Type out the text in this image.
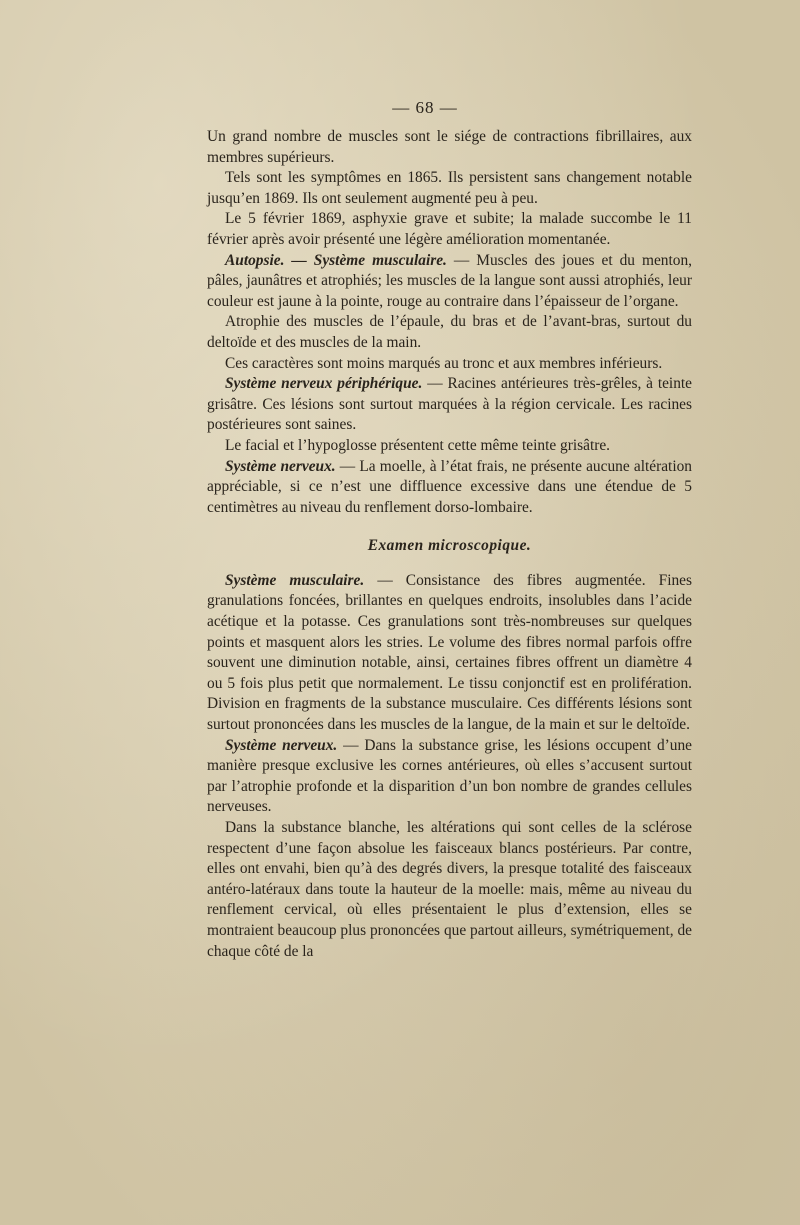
— 68 —

Un grand nombre de muscles sont le siége de contractions fibrillaires, aux membres supérieurs.

Tels sont les symptômes en 1865. Ils persistent sans changement notable jusqu’en 1869. Ils ont seulement augmenté peu à peu.

Le 5 février 1869, asphyxie grave et subite; la malade succombe le 11 février après avoir présenté une légère amélioration momentanée.

Autopsie. — Système musculaire. — Muscles des joues et du menton, pâles, jaunâtres et atrophiés; les muscles de la langue sont aussi atrophiés, leur couleur est jaune à la pointe, rouge au contraire dans l’épaisseur de l’organe.

Atrophie des muscles de l’épaule, du bras et de l’avant-bras, surtout du deltoïde et des muscles de la main.

Ces caractères sont moins marqués au tronc et aux membres inférieurs.

Système nerveux périphérique. — Racines antérieures très-grêles, à teinte grisâtre. Ces lésions sont surtout marquées à la région cervicale. Les racines postérieures sont saines.

Le facial et l’hypoglosse présentent cette même teinte grisâtre.

Système nerveux. — La moelle, à l’état frais, ne présente aucune altération appréciable, si ce n’est une diffluence excessive dans une étendue de 5 centimètres au niveau du renflement dorso-lombaire.

Examen microscopique.

Système musculaire. — Consistance des fibres augmentée. Fines granulations foncées, brillantes en quelques endroits, insolubles dans l’acide acétique et la potasse. Ces granulations sont très-nombreuses sur quelques points et masquent alors les stries. Le volume des fibres normal parfois offre souvent une diminution notable, ainsi, certaines fibres offrent un diamètre 4 ou 5 fois plus petit que normalement. Le tissu conjonctif est en prolifération. Division en fragments de la substance musculaire. Ces différents lésions sont surtout prononcées dans les muscles de la langue, de la main et sur le deltoïde.

Système nerveux. — Dans la substance grise, les lésions occupent d’une manière presque exclusive les cornes antérieures, où elles s’accusent surtout par l’atrophie profonde et la disparition d’un bon nombre de grandes cellules nerveuses.

Dans la substance blanche, les altérations qui sont celles de la sclérose respectent d’une façon absolue les faisceaux blancs postérieurs. Par contre, elles ont envahi, bien qu’à des degrés divers, la presque totalité des faisceaux antéro-latéraux dans toute la hauteur de la moelle: mais, même au niveau du renflement cervical, où elles présentaient le plus d’extension, elles se montraient beaucoup plus prononcées que partout ailleurs, symétriquement, de chaque côté de la
